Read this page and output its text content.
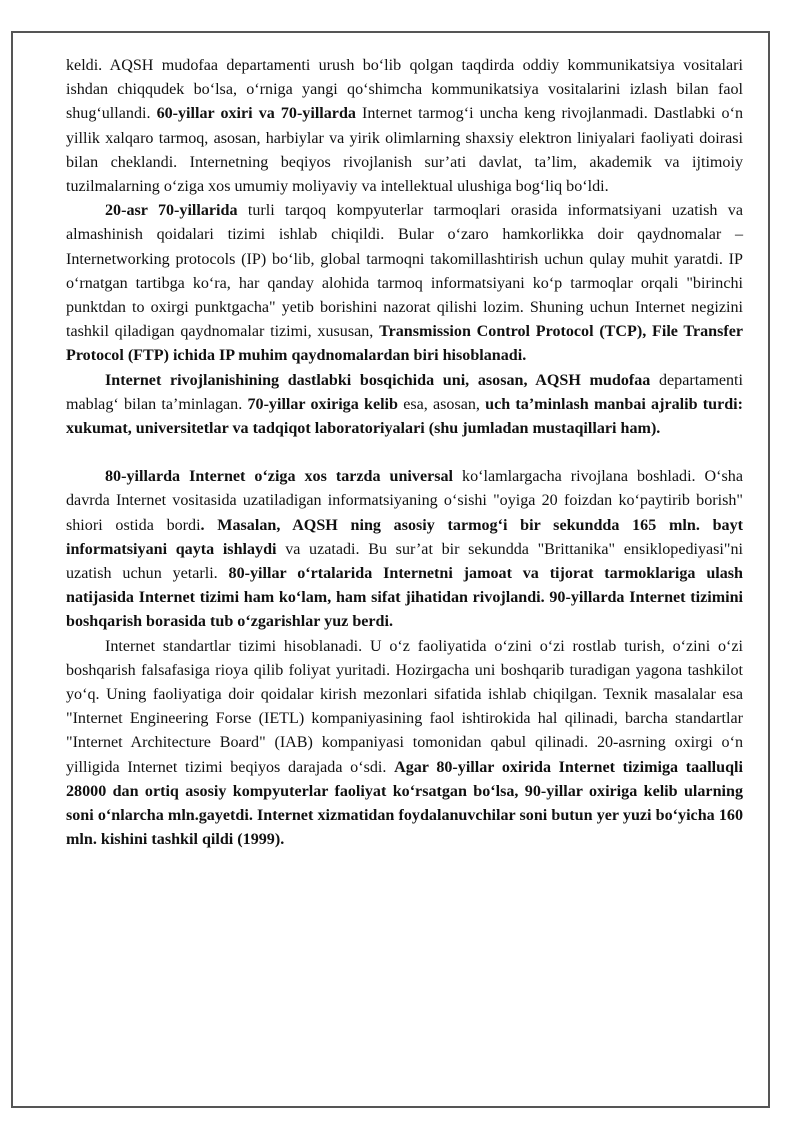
keldi. AQSH mudofaa departamenti urush bo‘lib qolgan taqdirda oddiy kommunikatsiya vositalari ishdan chiqqudek bo‘lsa, o‘rniga yangi qo‘shimcha kommunikatsiya vositalarini izlash bilan faol shug‘ullandi. 60-yillar oxiri va 70-yillarda Internet tarmog‘i uncha keng rivojlanmadi. Dastlabki o‘n yillik xalqaro tarmoq, asosan, harbiylar va yirik olimlarning shaxsiy elektron liniyalari faoliyati doirasi bilan cheklandi. Internetning beqiyos rivojlanish sur’ati davlat, ta’lim, akademik va ijtimoiy tuzilmalarning o‘ziga xos umumiy moliyaviy va intellektual ulushiga bog‘liq bo‘ldi.

20-asr 70-yillarida turli tarqoq kompyuterlar tarmoqlari orasida informatsiyani uzatish va almashinish qoidalari tizimi ishlab chiqildi. Bular o‘zaro hamkorlikka doir qaydnomalar – Internetworking protocols (IP) bo‘lib, global tarmoqni takomillashtirish uchun qulay muhit yaratdi. IP o‘rnatgan tartibga ko‘ra, har qanday alohida tarmoq informatsiyani ko‘p tarmoqlar orqali "birinchi punktdan to oxirgi punktgacha" yetib borishini nazorat qilishi lozim. Shuning uchun Internet negizini tashkil qiladigan qaydnomalar tizimi, xususan, Transmission Control Protocol (TCP), File Transfer Protocol (FTP) ichida IP muhim qaydnomalardan biri hisoblanadi.

Internet rivojlanishining dastlabki bosqichida uni, asosan, AQSH mudofaa departamenti mablag‘ bilan ta’minlagan. 70-yillar oxiriga kelib esa, asosan, uch ta’minlash manbai ajralib turdi: xukumat, universitetlar va tadqiqot laboratoriyalari (shu jumladan mustaqillari ham).

80-yillarda Internet o‘ziga xos tarzda universal ko‘lamlargacha rivojlana boshladi. O‘sha davrda Internet vositasida uzatiladigan informatsiyaning o‘sishi "oyiga 20 foizdan ko‘paytirib borish" shiori ostida bordi. Masalan, AQSH ning asosiy tarmog‘i bir sekundda 165 mln. bayt informatsiyani qayta ishlaydi va uzatadi. Bu sur’at bir sekundda "Brittanika" ensiklopediyasi"ni uzatish uchun yetarli. 80-yillar o‘rtalarida Internetni jamoat va tijorat tarmoklariga ulash natijasida Internet tizimi ham ko‘lam, ham sifat jihatidan rivojlandi. 90-yillarda Internet tizimini boshqarish borasida tub o‘zgarishlar yuz berdi.

Internet standartlar tizimi hisoblanadi. U o‘z faoliyatida o‘zini o‘zi rostlab turish, o‘zini o‘zi boshqarish falsafasiga rioya qilib foliyat yuritadi. Hozirgacha uni boshqarib turadigan yagona tashkilot yo‘q. Uning faoliyatiga doir qoidalar kirish mezonlari sifatida ishlab chiqilgan. Texnik masalalar esa "Internet Engineering Forse (IETL) kompaniyasining faol ishtirokida hal qilinadi, barcha standartlar "Internet Architecture Board" (IAB) kompaniyasi tomonidan qabul qilinadi. 20-asrning oxirgi o‘n yilligida Internet tizimi beqiyos darajada o‘sdi. Agar 80-yillar oxirida Internet tizimiga taalluqli 28000 dan ortiq asosiy kompyuterlar faoliyat ko‘rsatgan bo‘lsa, 90-yillar oxiriga kelib ularning soni o‘nlarcha mln.gayetdi. Internet xizmatidan foydalanuvchilar soni butun yer yuzi bo‘yicha 160 mln. kishini tashkil qildi (1999).
